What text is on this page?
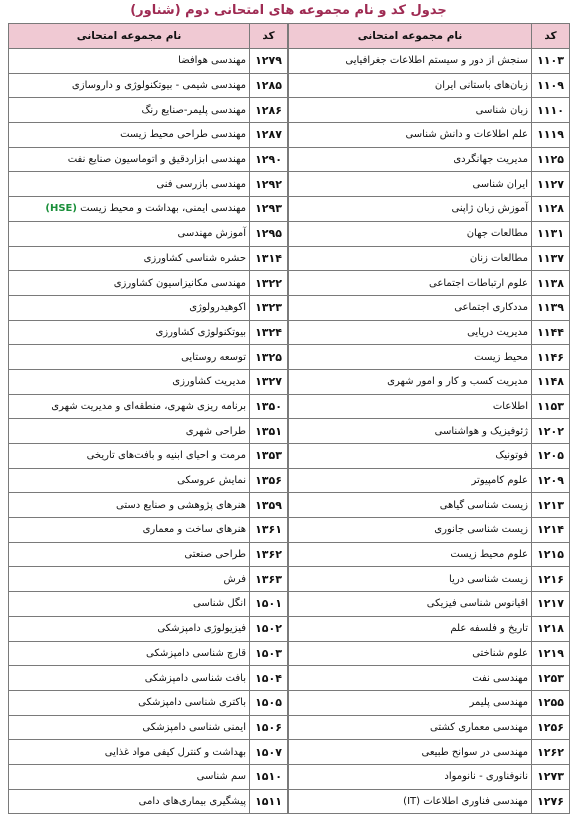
جدول کد و نام مجموعه های امتحانی دوم (شناور)
کد	نام مجموعه امتحانی
۱۱۰۳	سنجش از دور و سیستم اطلاعات جغرافیایی
۱۱۰۹	زبان‌های باستانی ایران
۱۱۱۰	زبان شناسی
۱۱۱۹	علم اطلاعات و دانش شناسی
۱۱۲۵	مدیریت جهانگردی
۱۱۲۷	ایران شناسی
۱۱۲۸	آموزش زبان ژاپنی
۱۱۳۱	مطالعات جهان
۱۱۳۷	مطالعات زنان
۱۱۳۸	علوم ارتباطات اجتماعی
۱۱۳۹	مددکاری اجتماعی
۱۱۴۴	مدیریت دریایی
۱۱۴۶	محیط زیست
۱۱۴۸	مدیریت کسب و کار و امور شهری
۱۱۵۳	اطلاعات
۱۲۰۲	ژئوفیزیک و هواشناسی
۱۲۰۵	فوتونیک
۱۲۰۹	علوم کامپیوتر
۱۲۱۳	زیست شناسی گیاهی
۱۲۱۴	زیست شناسی جانوری
۱۲۱۵	علوم محیط زیست
۱۲۱۶	زیست شناسی دریا
۱۲۱۷	اقیانوس شناسی فیزیکی
۱۲۱۸	تاریخ و فلسفه علم
۱۲۱۹	علوم شناختی
۱۲۵۳	مهندسی نفت
۱۲۵۵	مهندسی پلیمر
۱۲۵۶	مهندسی معماری کشتی
۱۲۶۲	مهندسی در سوانح طبیعی
۱۲۷۳	نانوفناوری - نانومواد
۱۲۷۶	مهندسی فناوری اطلاعات (IT)
کد	نام مجموعه امتحانی
۱۲۷۹	مهندسی هوافضا
۱۲۸۵	مهندسی شیمی - بیوتکنولوژی و داروسازی
۱۲۸۶	مهندسی پلیمر-صنایع رنگ
۱۲۸۷	مهندسی طراحی محیط زیست
۱۲۹۰	مهندسی ابزاردقیق و اتوماسیون صنایع نفت
۱۲۹۲	مهندسی بازرسی فنی
۱۲۹۳	مهندسی ایمنی، بهداشت و محیط زیست (HSE)
۱۲۹۵	آموزش مهندسی
۱۳۱۴	حشره شناسی کشاورزی
۱۳۲۲	مهندسی مکانیزاسیون کشاورزی
۱۳۲۳	اکوهیدرولوژی
۱۳۲۴	بیوتکنولوژی کشاورزی
۱۳۲۵	توسعه روستایی
۱۳۲۷	مدیریت کشاورزی
۱۳۵۰	برنامه ریزی شهری، منطقه‌ای و مدیریت شهری
۱۳۵۱	طراحی شهری
۱۳۵۳	مرمت و احیای ابنیه و بافت‌های تاریخی
۱۳۵۶	نمایش عروسکی
۱۳۵۹	هنرهای پژوهشی و صنایع دستی
۱۳۶۱	هنرهای ساخت و معماری
۱۳۶۲	طراحی صنعتی
۱۳۶۳	فرش
۱۵۰۱	انگل شناسی
۱۵۰۲	فیزیولوژی دامپزشکی
۱۵۰۳	قارچ شناسی دامپزشکی
۱۵۰۴	بافت شناسی دامپزشکی
۱۵۰۵	باکتری شناسی دامپزشکی
۱۵۰۶	ایمنی شناسی دامپزشکی
۱۵۰۷	بهداشت و کنترل کیفی مواد غذایی
۱۵۱۰	سم شناسی
۱۵۱۱	پیشگیری بیماری‌های دامی
